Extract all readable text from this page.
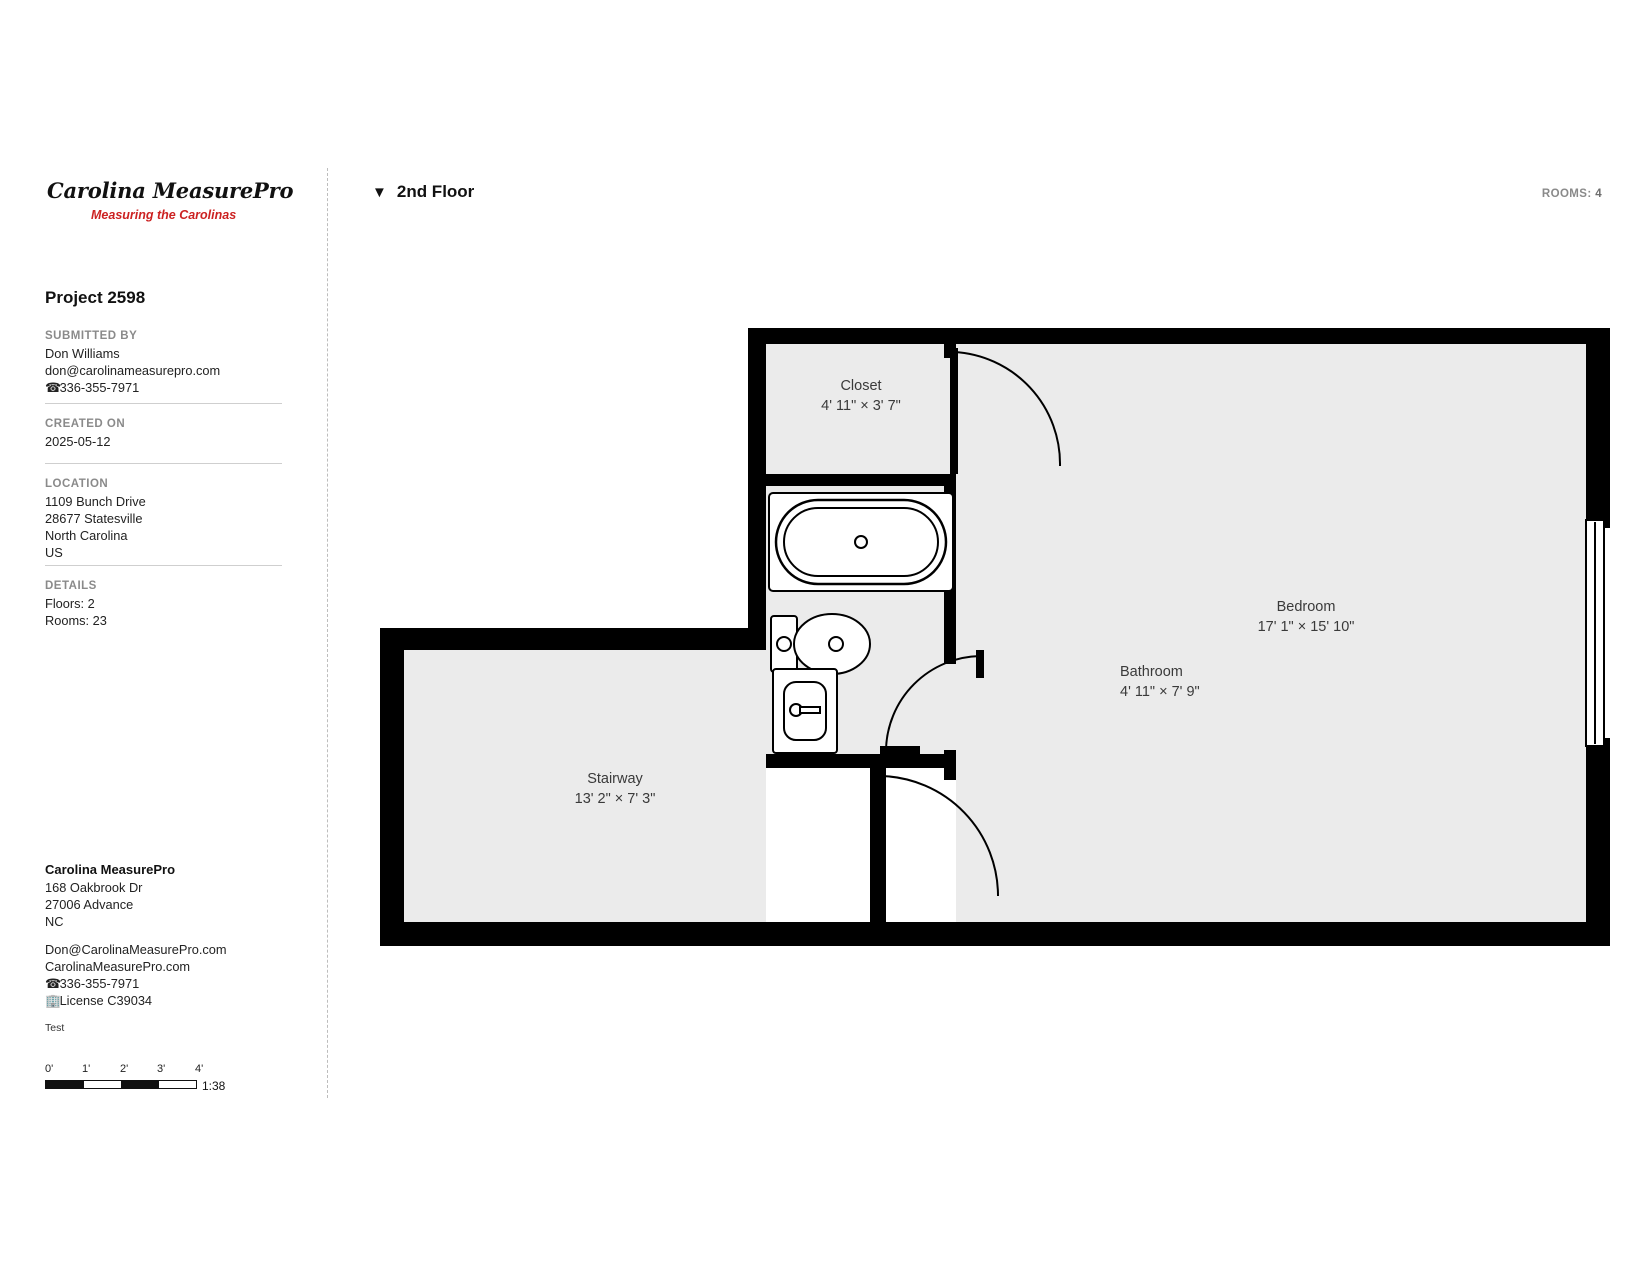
Carolina MeasurePro
Measuring the Carolinas
Project 2598
SUBMITTED BY
Don Williams
don@carolinameasurepro.com
☎ 336-355-7971
CREATED ON
2025-05-12
LOCATION
1109 Bunch Drive
28677 Statesville
North Carolina
US
DETAILS
Floors: 2
Rooms: 23
Carolina MeasurePro
168 Oakbrook Dr
27006 Advance
NC
Don@CarolinaMeasurePro.com
CarolinaMeasurePro.com
☎ 336-355-7971
🏢 License C39034
Test
0'	1'	2'	3'	4'
1:38
▼ 2nd Floor	ROOMS: 4
Closet
4' 11" × 3' 7"
Bathroom
4' 11" × 7' 9"
Bedroom
17' 1" × 15' 10"
Stairway
13' 2" × 7' 3"
